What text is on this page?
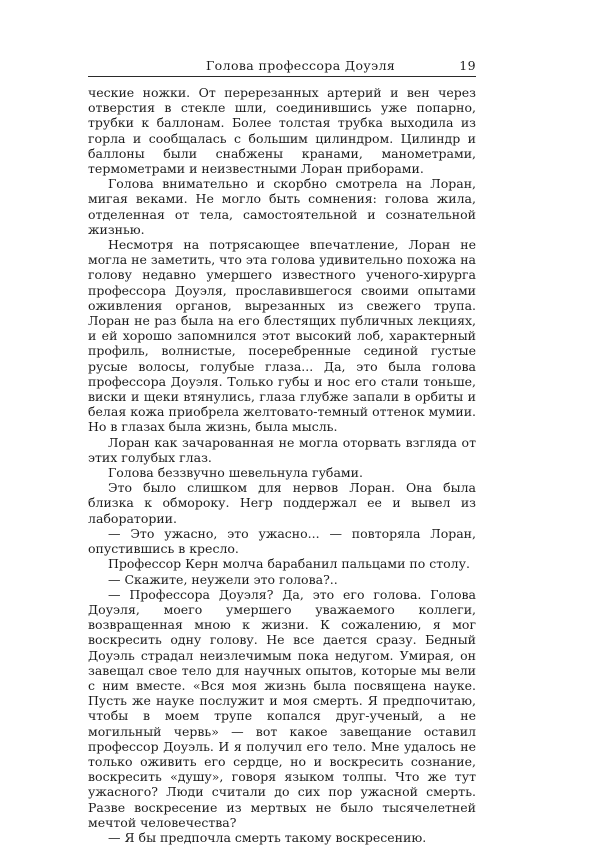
Голова профессора Доуэля	19

ческие ножки. От перерезанных артерий и вен через отверстия в стекле шли, соединившись уже попарно, трубки к баллонам. Более толстая трубка выходила из горла и сообщалась с большим цилиндром. Цилиндр и баллоны были снабжены кранами, манометрами, термометрами и неизвестными Лоран приборами.

Голова внимательно и скорбно смотрела на Лоран, мигая веками. Не могло быть сомнения: голова жила, отделенная от тела, самостоятельной и сознательной жизнью.

Несмотря на потрясающее впечатление, Лоран не могла не заметить, что эта голова удивительно похожа на голову недавно умершего известного ученого-хирурга профессора Доуэля, прославившегося своими опытами оживления органов, вырезанных из свежего трупа. Лоран не раз была на его блестящих публичных лекциях, и ей хорошо запомнился этот высокий лоб, характерный профиль, волнистые, посеребренные сединой густые русые волосы, голубые глаза... Да, это была голова профессора Доуэля. Только губы и нос его стали тоньше, виски и щеки втянулись, глаза глубже запали в орбиты и белая кожа приобрела желтовато-темный оттенок мумии. Но в глазах была жизнь, была мысль.

Лоран как зачарованная не могла оторвать взгляда от этих голубых глаз.

Голова беззвучно шевельнула губами.

Это было слишком для нервов Лоран. Она была близка к обмороку. Негр поддержал ее и вывел из лаборатории.

— Это ужасно, это ужасно... — повторяла Лоран, опустившись в кресло.

Профессор Керн молча барабанил пальцами по столу.

— Скажите, неужели это голова?..

— Профессора Доуэля? Да, это его голова. Голова Доуэля, моего умершего уважаемого коллеги, возвращенная мною к жизни. К сожалению, я мог воскресить одну голову. Не все дается сразу. Бедный Доуэль страдал неизлечимым пока недугом. Умирая, он завещал свое тело для научных опытов, которые мы вели с ним вместе. «Вся моя жизнь была посвящена науке. Пусть же науке послужит и моя смерть. Я предпочитаю, чтобы в моем трупе копался друг-ученый, а не могильный червь» — вот какое завещание оставил профессор Доуэль. И я получил его тело. Мне удалось не только оживить его сердце, но и воскресить сознание, воскресить «душу», говоря языком толпы. Что же тут ужасного? Люди считали до сих пор ужасной смерть. Разве воскресение из мертвых не было тысячелетней мечтой человечества?

— Я бы предпочла смерть такому воскресению.
